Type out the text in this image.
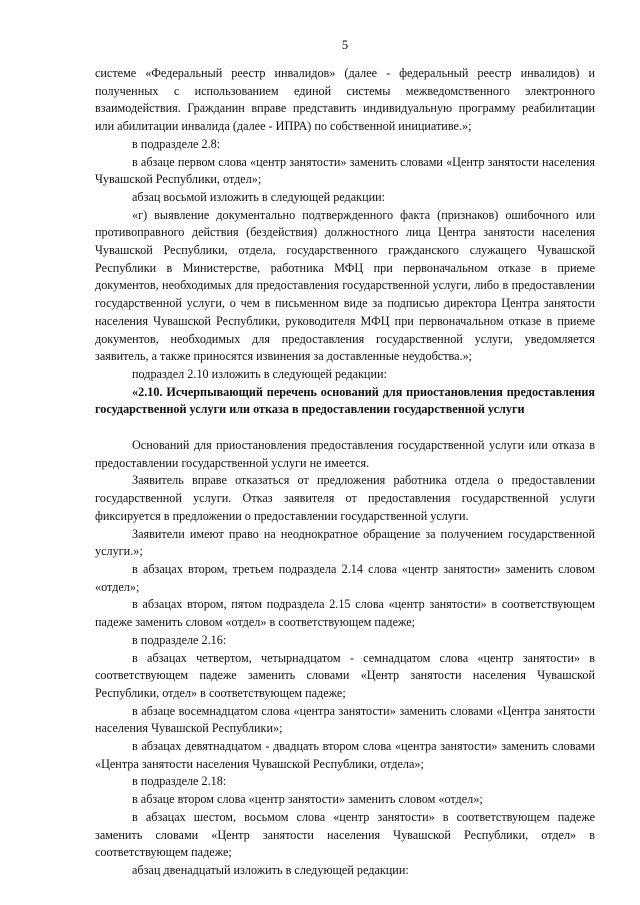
5

системе «Федеральный реестр инвалидов» (далее - федеральный реестр инвалидов) и полученных с использованием единой системы межведомственного электронного взаимодействия. Гражданин вправе представить индивидуальную программу реабилитации или абилитации инвалида (далее - ИПРА) по собственной инициативе.»;

в подразделе 2.8:

в абзаце первом слова «центр занятости» заменить словами «Центр занятости населения Чувашской Республики, отдел»;

абзац восьмой изложить в следующей редакции:

«г) выявление документально подтвержденного факта (признаков) ошибочного или противоправного действия (бездействия) должностного лица Центра занятости населения Чувашской Республики, отдела, государственного гражданского служащего Чувашской Республики в Министерстве, работника МФЦ при первоначальном отказе в приеме документов, необходимых для предоставления государственной услуги, либо в предоставлении государственной услуги, о чем в письменном виде за подписью директора Центра занятости населения Чувашской Республики, руководителя МФЦ при первоначальном отказе в приеме документов, необходимых для предоставления государственной услуги, уведомляется заявитель, а также приносятся извинения за доставленные неудобства.»;

подраздел 2.10 изложить в следующей редакции:

«2.10. Исчерпывающий перечень оснований для приостановления предоставления государственной услуги или отказа в предоставлении государственной услуги

Оснований для приостановления предоставления государственной услуги или отказа в предоставлении государственной услуги не имеется.

Заявитель вправе отказаться от предложения работника отдела о предоставлении государственной услуги. Отказ заявителя от предоставления государственной услуги фиксируется в предложении о предоставлении государственной услуги.

Заявители имеют право на неоднократное обращение за получением государственной услуги.»;

в абзацах втором, третьем подраздела 2.14 слова «центр занятости» заменить словом «отдел»;

в абзацах втором, пятом подраздела 2.15 слова «центр занятости» в соответствующем падеже заменить словом «отдел» в соответствующем падеже;

в подразделе 2.16:

в абзацах четвертом, четырнадцатом - семнадцатом слова «центр занятости» в соответствующем падеже заменить словами «Центр занятости населения Чувашской Республики, отдел» в соответствующем падеже;

в абзаце восемнадцатом слова «центра занятости» заменить словами «Центра занятости населения Чувашской Республики»;

в абзацах девятнадцатом - двадцать втором слова «центра занятости» заменить словами «Центра занятости населения Чувашской Республики, отдела»;

в подразделе 2.18:

в абзаце втором слова «центр занятости» заменить словом «отдел»;

в абзацах шестом, восьмом слова «центр занятости» в соответствующем падеже заменить словами «Центр занятости населения Чувашской Республики, отдел» в соответствующем падеже;

абзац двенадцатый изложить в следующей редакции:
